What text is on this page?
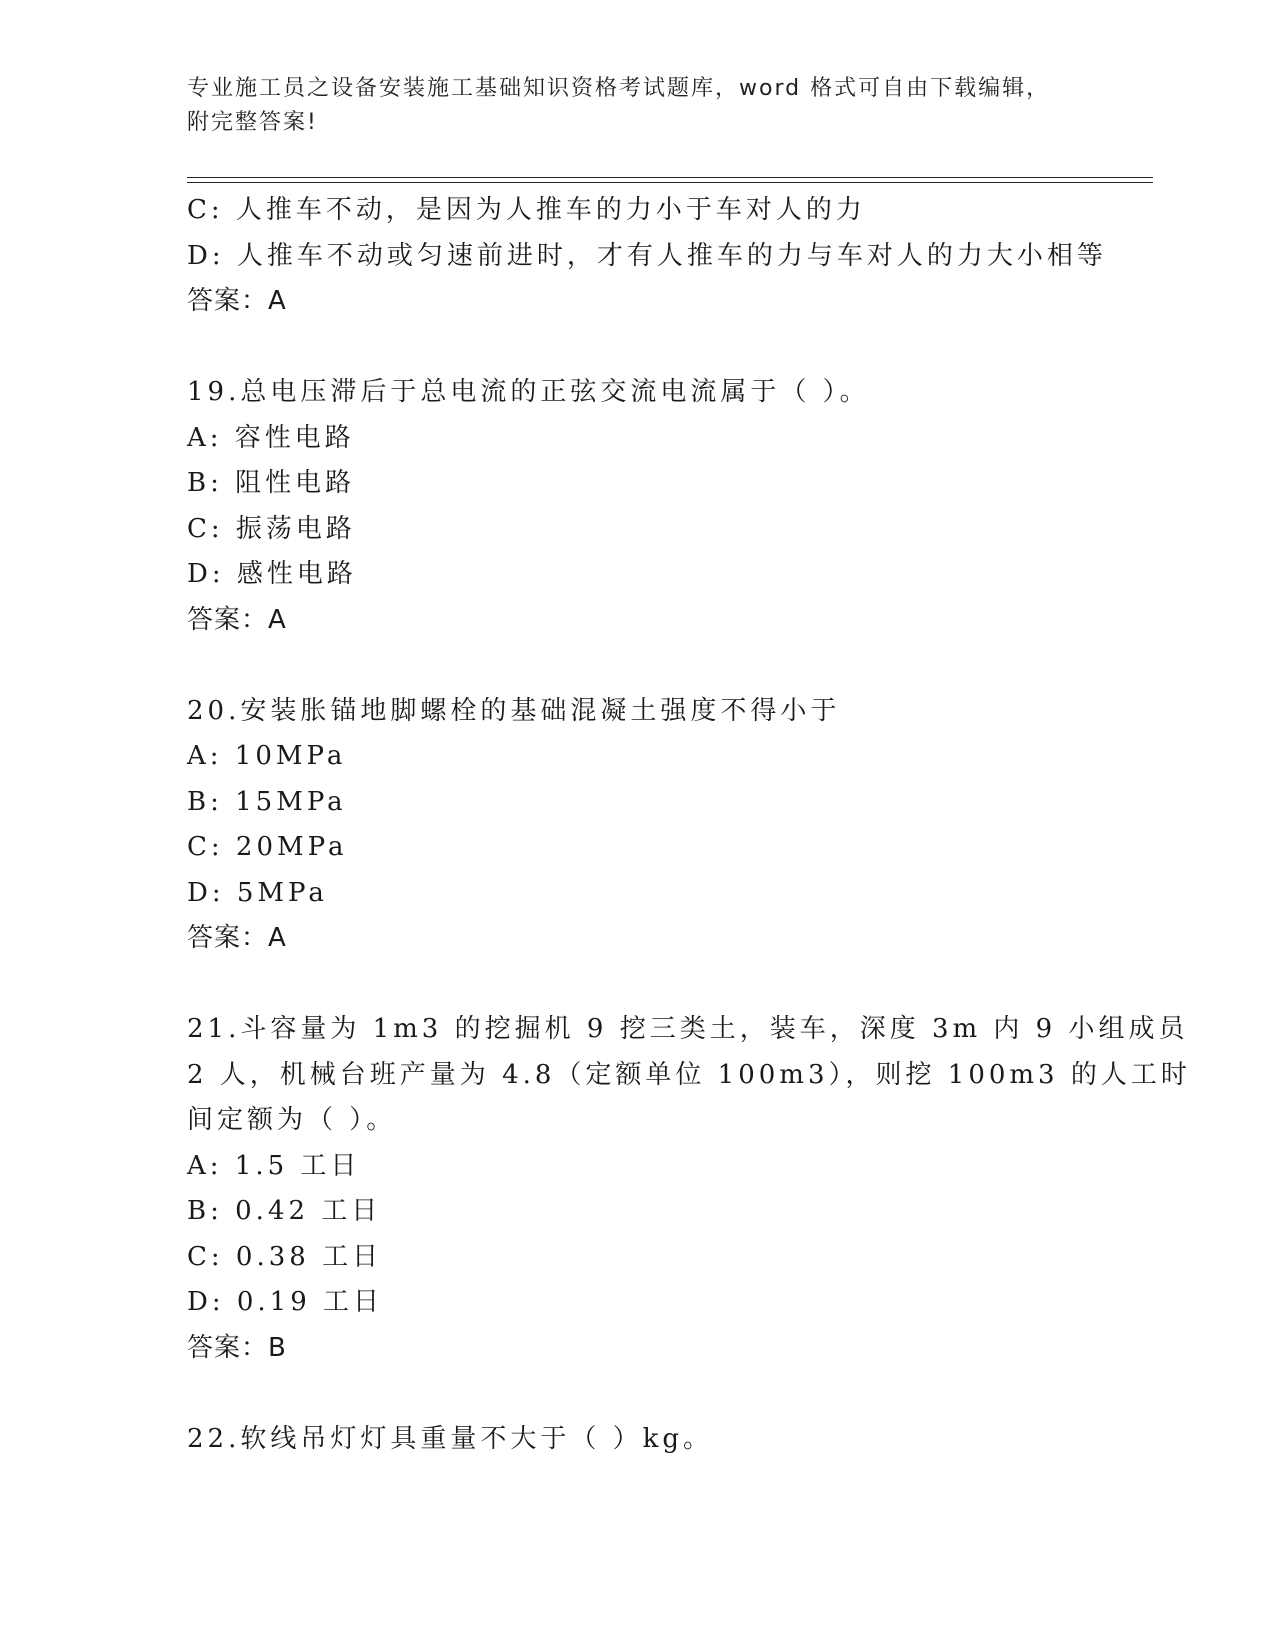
专业施工员之设备安装施工基础知识资格考试题库，word 格式可自由下载编辑，
附完整答案!
C: 人推车不动，是因为人推车的力小于车对人的力
D: 人推车不动或匀速前进时，才有人推车的力与车对人的力大小相等
答案：A
19.总电压滞后于总电流的正弦交流电流属于（ ）。
A: 容性电路
B: 阻性电路
C: 振荡电路
D: 感性电路
答案：A
20.安装胀锚地脚螺栓的基础混凝土强度不得小于
A: 10MPa
B: 15MPa
C: 20MPa
D: 5MPa
答案：A
21.斗容量为 1m3 的挖掘机 9 挖三类土，装车，深度 3m 内 9 小组成员
2 人，机械台班产量为 4.8（定额单位 100m3），则挖 100m3 的人工时
间定额为（ ）。
A: 1.5 工日
B: 0.42 工日
C: 0.38 工日
D: 0.19 工日
答案：B
22.软线吊灯灯具重量不大于（ ）kg。
